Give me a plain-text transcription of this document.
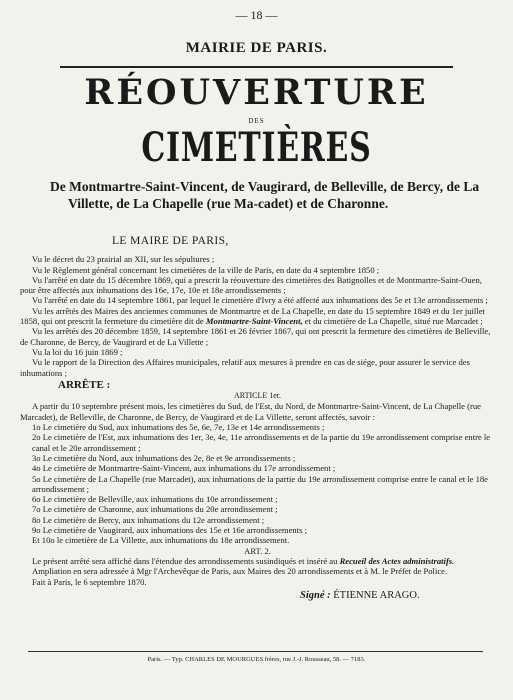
— 18 —
MAIRIE DE PARIS.
RÉOUVERTURE
DES
CIMETIÈRES
De Montmartre-Saint-Vincent, de Vaugirard, de Belleville, de Bercy, de La Villette, de La Chapelle (rue Ma-cadet) et de Charonne.

LE MAIRE DE PARIS,

Vu le décret du 23 prairial an XII, sur les sépultures ;

Vu le Règlement général concernant les cimetières de la ville de Paris, en date du 4 septembre 1850 ;

Vu l'arrêté en date du 15 décembre 1869, qui a prescrit la réouverture des cimetières des Batignolles et de Montmartre-Saint-Ouen, pour être affectés aux inhumations des 16e, 17e, 10e et 18e arrondissements ;

Vu l'arrêté en date du 14 septembre 1861, par lequel le cimetière d'Ivry a été affecté aux inhumations des 5e et 13e arrondissements ;

Vu les arrêtés des Maires des anciennes communes de Montmartre et de La Chapelle, en date du 15 septembre 1849 et du 1er juillet 1858, qui ont prescrit la fermeture du cimetière dit de Montmartre-Saint-Vincent, et du cimetière de La Chapelle, situé rue Marcadet ;

Vu les arrêtés des 20 décembre 1859, 14 septembre 1861 et 26 février 1867, qui ont prescrit la fermeture des cimetières de Belleville, de Charonne, de Bercy, de Vaugirard et de La Villette ;

Vu la loi du 16 juin 1869 ;

Vu le rapport de la Direction des Affaires municipales, relatif aux mesures à prendre en cas de siége, pour assurer le service des inhumations ;

ARRÊTE :

ARTICLE 1er.

A partir du 10 septembre présent mois, les cimetières du Sud, de l'Est, du Nord, de Montmartre-Saint-Vincent, de La Chapelle (rue Marcadet), de Belleville, de Charonne, de Bercy, de Vaugirard et de La Villette, seront affectés, savoir :

1o Le cimetière du Sud, aux inhumations des 5e, 6e, 7e, 13e et 14e arrondissements ;

2o Le cimetière de l'Est, aux inhumations des 1er, 3e, 4e, 11e arrondissements et de la partie du 19e arrondissement comprise entre le canal et le 20e arrondissement ;

3o Le cimetière du Nord, aux inhumations des 2e, 8e et 9e arrondissements ;

4o Le cimetière de Montmartre-Saint-Vincent, aux inhumations du 17e arrondissement ;

5o Le cimetière de La Chapelle (rue Marcadet), aux inhumations de la partie du 19e arrondissement comprise entre le canal et le 18e arrondissement ;

6o Le cimetière de Belleville, aux inhumations du 10e arrondissement ;

7o Le cimetière de Charonne, aux inhumations du 20e arrondissement ;

8o Le cimetière de Bercy, aux inhumations du 12e arrondissement ;

9o Le cimetière de Vaugirard, aux inhumations des 15e et 16e arrondissements ;

Et 10o le cimetière de La Villette, aux inhumations du 18e arrondissement.

ART. 2.

Le présent arrêté sera affiché dans l'étendue des arrondissements susindiqués et inséré au Recueil des Actes administratifs.

Ampliation en sera adressée à Mgr l'Archevêque de Paris, aux Maires des 20 arrondissements et à M. le Préfet de Police.

Fait à Paris, le 6 septembre 1870.

Signé : ÉTIENNE ARAGO.

Paris. — Typ. CHARLES DE MOURGUES frères, rue J.-J. Rousseau, 58. — 7183.
